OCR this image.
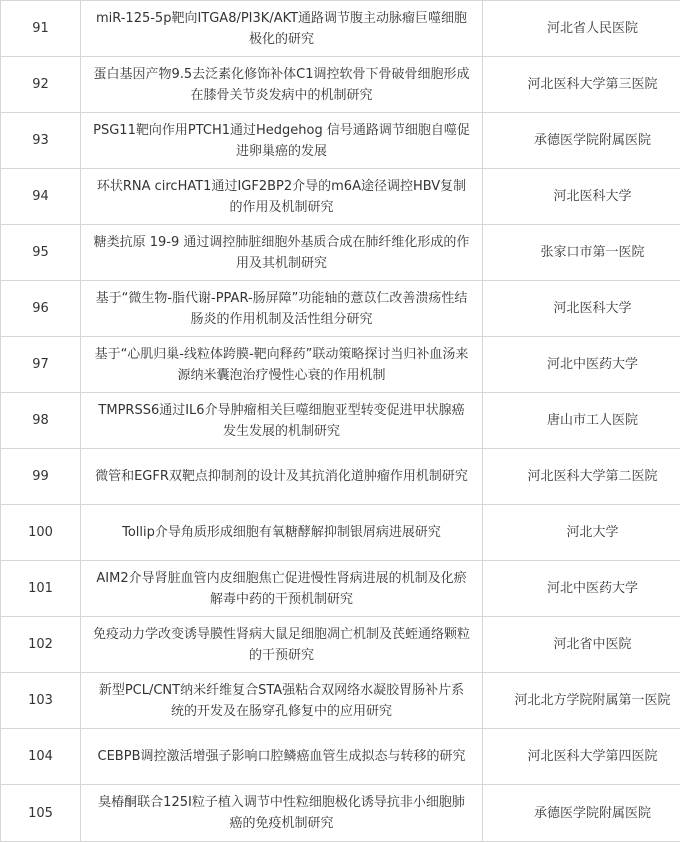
91	miR-125-5p靶向ITGA8/PI3K/AKT通路调节腹主动脉瘤巨噬细胞极化的研究	河北省人民医院
92	蛋白基因产物9.5去泛素化修饰补体C1调控软骨下骨破骨细胞形成在膝骨关节炎发病中的机制研究	河北医科大学第三医院
93	PSG11靶向作用PTCH1通过Hedgehog 信号通路调节细胞自噬促进卵巢癌的发展	承德医学院附属医院
94	环状RNA circHAT1通过IGF2BP2介导的m6A途径调控HBV复制的作用及机制研究	河北医科大学
95	糖类抗原 19-9 通过调控肺脏细胞外基质合成在肺纤维化形成的作用及其机制研究	张家口市第一医院
96	基于“微生物-脂代谢-PPAR-肠屏障”功能轴的薏苡仁改善溃疡性结肠炎的作用机制及活性组分研究	河北医科大学
97	基于“心肌归巢-线粒体跨膜-靶向释药”联动策略探讨当归补血汤来源纳米囊泡治疗慢性心衰的作用机制	河北中医药大学
98	TMPRSS6通过IL6介导肿瘤相关巨噬细胞亚型转变促进甲状腺癌发生发展的机制研究	唐山市工人医院
99	微管和EGFR双靶点抑制剂的设计及其抗消化道肿瘤作用机制研究	河北医科大学第二医院
100	Tollip介导角质形成细胞有氧糖酵解抑制银屑病进展研究	河北大学
101	AIM2介导肾脏血管内皮细胞焦亡促进慢性肾病进展的机制及化瘀解毒中药的干预机制研究	河北中医药大学
102	免疫动力学改变诱导膜性肾病大鼠足细胞凋亡机制及芪蛭通络颗粒的干预研究	河北省中医院
103	新型PCL/CNT纳米纤维复合STA强粘合双网络水凝胶胃肠补片系统的开发及在肠穿孔修复中的应用研究	河北北方学院附属第一医院
104	CEBPB调控激活增强子影响口腔鳞癌血管生成拟态与转移的研究	河北医科大学第四医院
105	臭椿酮联合125I粒子植入调节中性粒细胞极化诱导抗非小细胞肺癌的免疫机制研究	承德医学院附属医院
